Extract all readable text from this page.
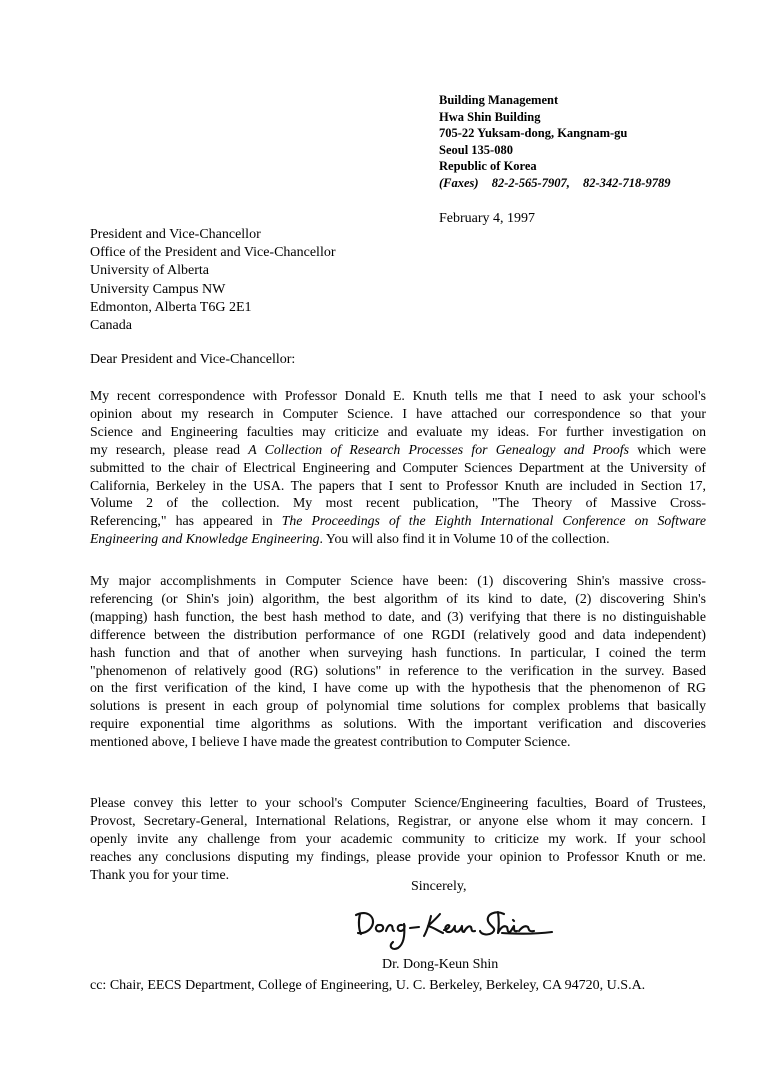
Building Management
Hwa Shin Building
705-22 Yuksam-dong, Kangnam-gu
Seoul 135-080
Republic of Korea
(Faxes) 82-2-565-7907, 82-342-718-9789
February 4, 1997
President and Vice-Chancellor
Office of the President and Vice-Chancellor
University of Alberta
University Campus NW
Edmonton, Alberta T6G 2E1
Canada
Dear President and Vice-Chancellor:
My recent correspondence with Professor Donald E. Knuth tells me that I need to ask your school's
opinion about my research in Computer Science. I have attached our correspondence so that your
Science and Engineering faculties may criticize and evaluate my ideas. For further investigation on
my research, please read A Collection of Research Processes for Genealogy and Proofs which were
submitted to the chair of Electrical Engineering and Computer Sciences Department at the University of
California, Berkeley in the USA. The papers that I sent to Professor Knuth are included in Section 17,
Volume 2 of the collection. My most recent publication, "The Theory of Massive Cross-
Referencing," has appeared in The Proceedings of the Eighth International Conference on Software
Engineering and Knowledge Engineering. You will also find it in Volume 10 of the collection.
My major accomplishments in Computer Science have been: (1) discovering Shin's massive cross-
referencing (or Shin's join) algorithm, the best algorithm of its kind to date, (2) discovering Shin's
(mapping) hash function, the best hash method to date, and (3) verifying that there is no distinguishable
difference between the distribution performance of one RGDI (relatively good and data independent)
hash function and that of another when surveying hash functions. In particular, I coined the term
"phenomenon of relatively good (RG) solutions" in reference to the verification in the survey. Based
on the first verification of the kind, I have come up with the hypothesis that the phenomenon of RG
solutions is present in each group of polynomial time solutions for complex problems that basically
require exponential time algorithms as solutions. With the important verification and discoveries
mentioned above, I believe I have made the greatest contribution to Computer Science.
Please convey this letter to your school's Computer Science/Engineering faculties, Board of Trustees,
Provost, Secretary-General, International Relations, Registrar, or anyone else whom it may concern. I
openly invite any challenge from your academic community to criticize my work. If your school
reaches any conclusions disputing my findings, please provide your opinion to Professor Knuth or me.
Thank you for your time.
Sincerely,
Dr. Dong-Keun Shin
cc: Chair, EECS Department, College of Engineering, U. C. Berkeley, Berkeley, CA 94720, U.S.A.
